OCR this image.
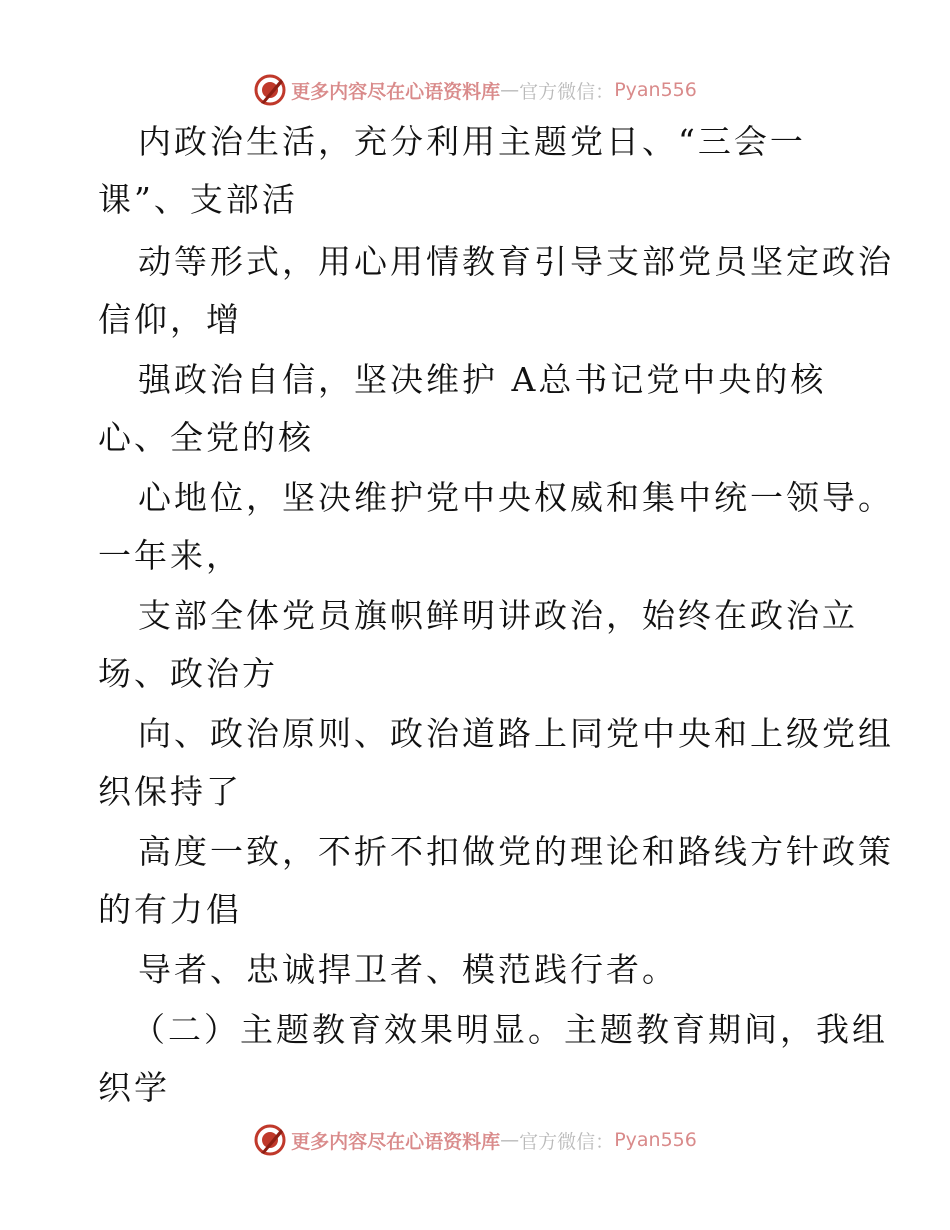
更多内容尽在心语资料库 — 官方微信： Pyan556
内政治生活，充分利用主题党日、“三会一
课”、支部活
动等形式，用心用情教育引导支部党员坚定政治
信仰，增
强政治自信，坚决维护 A总书记党中央的核
心、全党的核
心地位，坚决维护党中央权威和集中统一领导。
一年来，
支部全体党员旗帜鲜明讲政治，始终在政治立
场、政治方
向、政治原则、政治道路上同党中央和上级党组
织保持了
高度一致，不折不扣做党的理论和路线方针政策
的有力倡
导者、忠诚捍卫者、模范践行者。
（二）主题教育效果明显。主题教育期间，我组
织学
更多内容尽在心语资料库 — 官方微信： Pyan556
